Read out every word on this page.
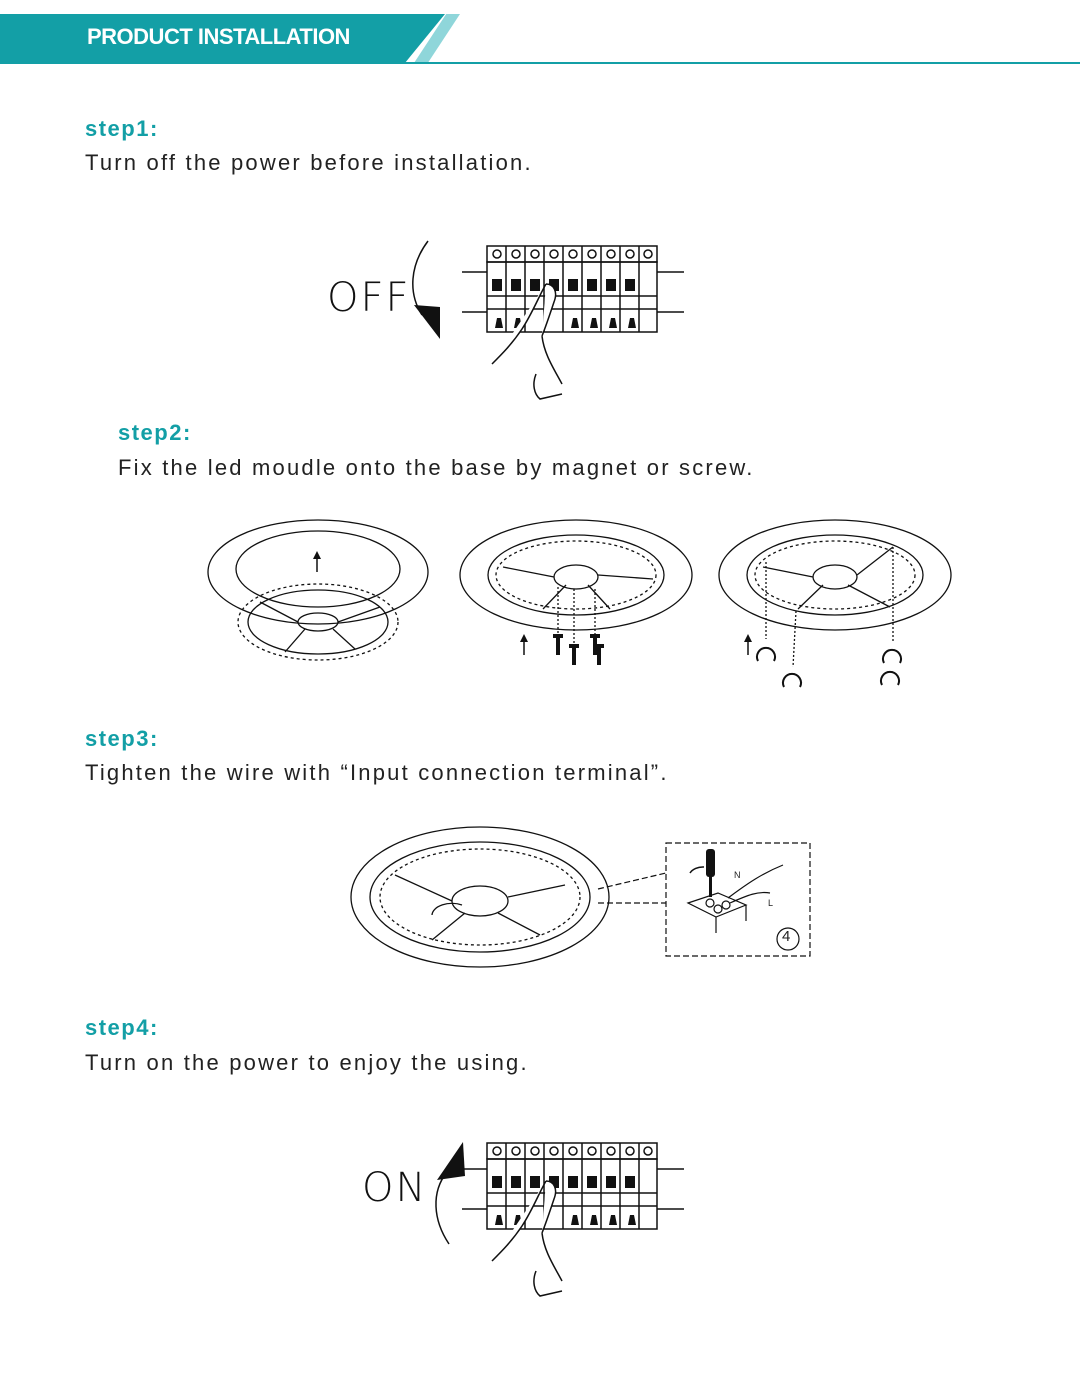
PRODUCT INSTALLATION
step1:
Turn off the power before installation.
OFF
step2:
Fix the led moudle onto the base by magnet or screw.
step3:
Tighten the wire with “Input connection terminal”.
N
L
4
step4:
Turn on the power to enjoy the using.
ON
